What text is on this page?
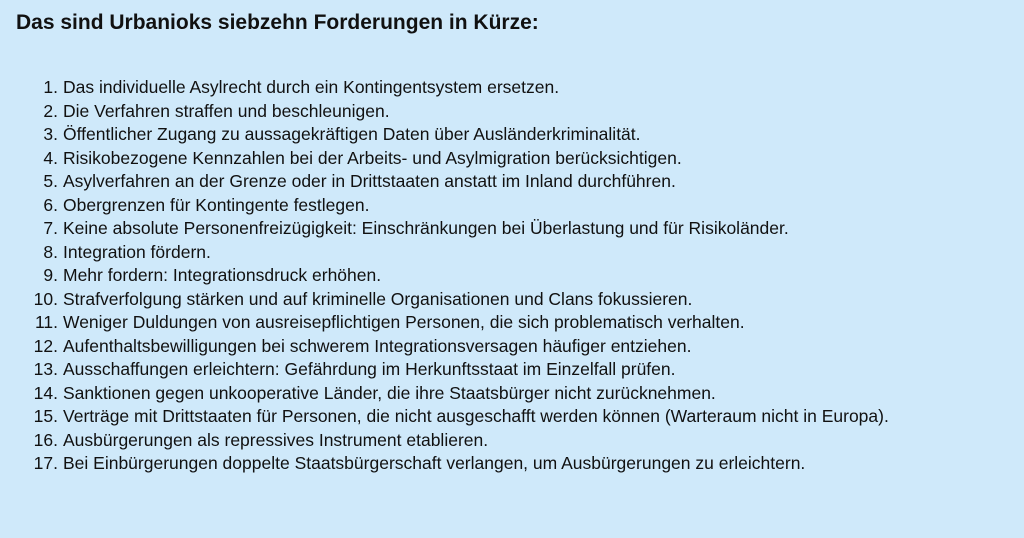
Das sind Urbanioks siebzehn Forderungen in Kürze:
1. Das individuelle Asylrecht durch ein Kontingentsystem ersetzen.
2. Die Verfahren straffen und beschleunigen.
3. Öffentlicher Zugang zu aussagekräftigen Daten über Ausländerkriminalität.
4. Risikobezogene Kennzahlen bei der Arbeits- und Asylmigration berücksichtigen.
5. Asylverfahren an der Grenze oder in Drittstaaten anstatt im Inland durchführen.
6. Obergrenzen für Kontingente festlegen.
7. Keine absolute Personenfreizügigkeit: Einschränkungen bei Überlastung und für Risikoländer.
8. Integration fördern.
9. Mehr fordern: Integrationsdruck erhöhen.
10. Strafverfolgung stärken und auf kriminelle Organisationen und Clans fokussieren.
11. Weniger Duldungen von ausreisepflichtigen Personen, die sich problematisch verhalten.
12. Aufenthaltsbewilligungen bei schwerem Integrationsversagen häufiger entziehen.
13. Ausschaffungen erleichtern: Gefährdung im Herkunftsstaat im Einzelfall prüfen.
14. Sanktionen gegen unkooperative Länder, die ihre Staatsbürger nicht zurücknehmen.
15. Verträge mit Drittstaaten für Personen, die nicht ausgeschafft werden können (Warteraum nicht in Europa).
16. Ausbürgerungen als repressives Instrument etablieren.
17. Bei Einbürgerungen doppelte Staatsbürgerschaft verlangen, um Ausbürgerungen zu erleichtern.
